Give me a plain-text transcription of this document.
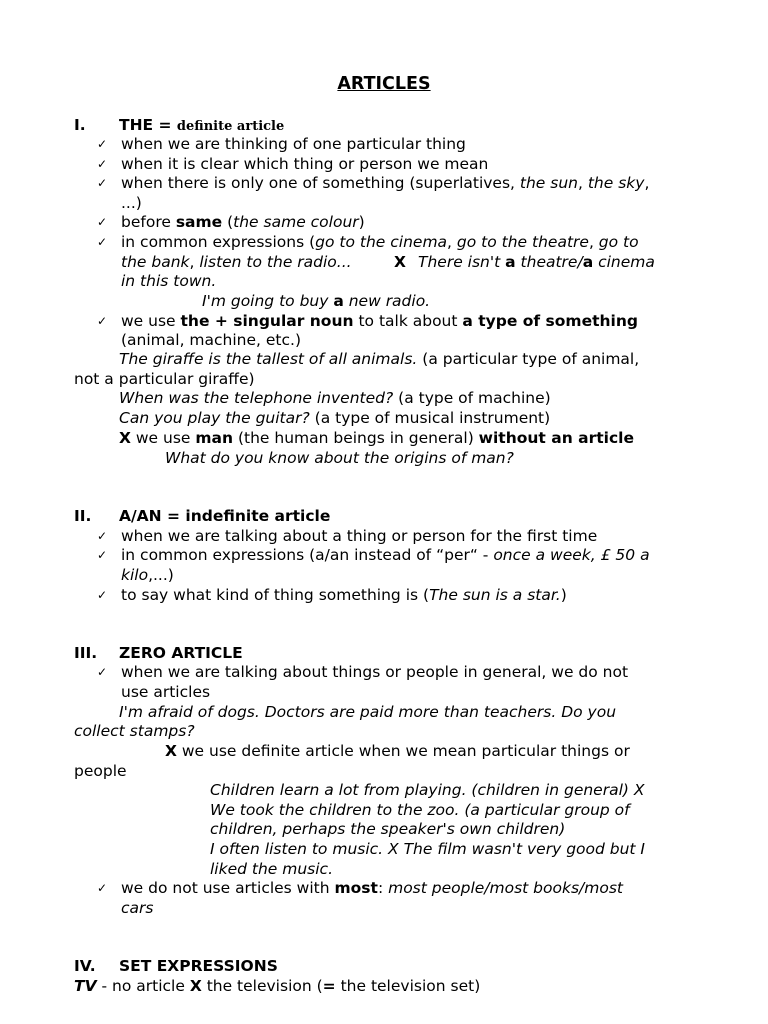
ARTICLES
I. THE = definite article
✓ when we are thinking of one particular thing
✓ when it is clear which thing or person we mean
✓ when there is only one of something (superlatives, the sun, the sky,
...)
✓ before same (the same colour)
✓ in common expressions (go to the cinema, go to the theatre, go to
the bank, listen to the radio...	X There isn't a theatre/a cinema
in this town.
I'm going to buy a new radio.
✓ we use the + singular noun to talk about a type of something
(animal, machine, etc.)
The giraffe is the tallest of all animals. (a particular type of animal,
not a particular giraffe)
When was the telephone invented? (a type of machine)
Can you play the guitar? (a type of musical instrument)
X we use man (the human beings in general) without an article
What do you know about the origins of man?
II. A/AN = indefinite article
✓ when we are talking about a thing or person for the first time
✓ in common expressions (a/an instead of “per“ - once a week, £ 50 a
kilo,...)
✓ to say what kind of thing something is (The sun is a star.)
III. ZERO ARTICLE
✓ when we are talking about things or people in general, we do not
use articles
I'm afraid of dogs. Doctors are paid more than teachers. Do you
collect stamps?
X we use definite article when we mean particular things or
people
Children learn a lot from playing. (children in general) X
We took the children to the zoo. (a particular group of
children, perhaps the speaker's own children)
I often listen to music. X The film wasn't very good but I
liked the music.
✓ we do not use articles with most: most people/most books/most
cars
IV. SET EXPRESSIONS
TV - no article X the television (= the television set)
